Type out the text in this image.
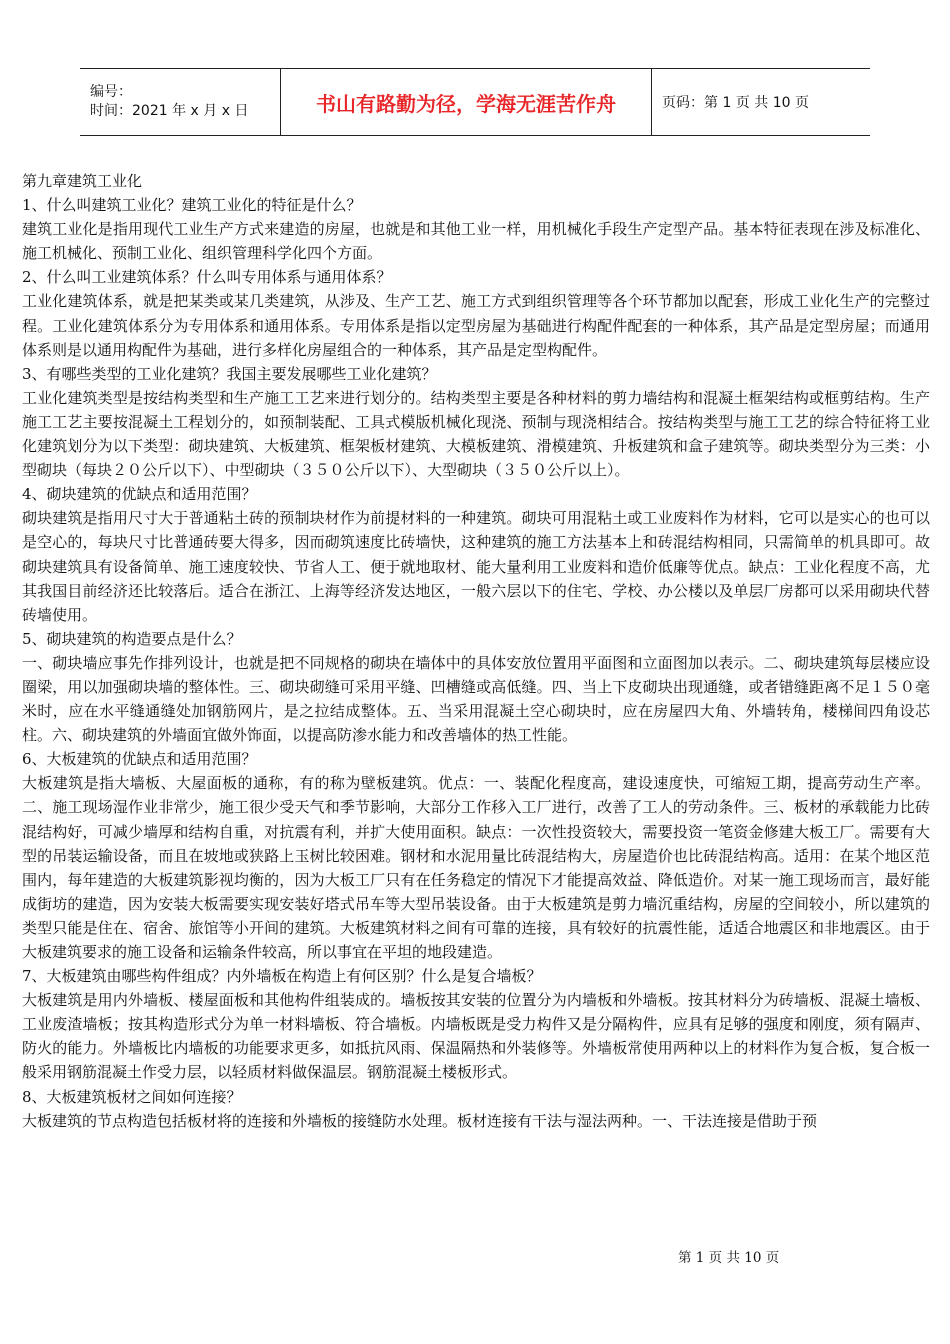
编号：
时间：2021 年 x 月 x 日	书山有路勤为径，学海无涯苦作舟	页码：第 1 页 共 10 页

第九章建筑工业化

1、什么叫建筑工业化？建筑工业化的特征是什么？

建筑工业化是指用现代工业生产方式来建造的房屋，也就是和其他工业一样，用机械化手段生产定型产品。基本特征表现在涉及标准化、施工机械化、预制工业化、组织管理科学化四个方面。

2、什么叫工业建筑体系？什么叫专用体系与通用体系？

工业化建筑体系，就是把某类或某几类建筑，从涉及、生产工艺、施工方式到组织管理等各个环节都加以配套，形成工业化生产的完整过程。工业化建筑体系分为专用体系和通用体系。专用体系是指以定型房屋为基础进行构配件配套的一种体系，其产品是定型房屋；而通用体系则是以通用构配件为基础，进行多样化房屋组合的一种体系，其产品是定型构配件。

3、有哪些类型的工业化建筑？我国主要发展哪些工业化建筑？

工业化建筑类型是按结构类型和生产施工工艺来进行划分的。结构类型主要是各种材料的剪力墙结构和混凝土框架结构或框剪结构。生产施工工艺主要按混凝土工程划分的，如预制装配、工具式模版机械化现浇、预制与现浇相结合。按结构类型与施工工艺的综合特征将工业化建筑划分为以下类型：砌块建筑、大板建筑、框架板材建筑、大模板建筑、滑模建筑、升板建筑和盒子建筑等。砌块类型分为三类：小型砌块（每块２０公斤以下）、中型砌块（３５０公斤以下）、大型砌块（３５０公斤以上）。

4、砌块建筑的优缺点和适用范围？

砌块建筑是指用尺寸大于普通粘土砖的预制块材作为前提材料的一种建筑。砌块可用混粘土或工业废料作为材料，它可以是实心的也可以是空心的，每块尺寸比普通砖要大得多，因而砌筑速度比砖墙快，这种建筑的施工方法基本上和砖混结构相同，只需简单的机具即可。故砌块建筑具有设备简单、施工速度较快、节省人工、便于就地取材、能大量利用工业废料和造价低廉等优点。缺点：工业化程度不高，尤其我国目前经济还比较落后。适合在浙江、上海等经济发达地区，一般六层以下的住宅、学校、办公楼以及单层厂房都可以采用砌块代替砖墙使用。

5、砌块建筑的构造要点是什么？

一、砌块墙应事先作排列设计，也就是把不同规格的砌块在墙体中的具体安放位置用平面图和立面图加以表示。二、砌块建筑每层楼应设圈梁，用以加强砌块墙的整体性。三、砌块砌缝可采用平缝、凹槽缝或高低缝。四、当上下皮砌块出现通缝，或者错缝距离不足１５０毫米时，应在水平缝通缝处加钢筋网片，是之拉结成整体。五、当采用混凝土空心砌块时，应在房屋四大角、外墙转角，楼梯间四角设芯柱。六、砌块建筑的外墙面宜做外饰面，以提高防渗水能力和改善墙体的热工性能。

6、大板建筑的优缺点和适用范围？

大板建筑是指大墙板、大屋面板的通称，有的称为壁板建筑。优点：一、装配化程度高，建设速度快，可缩短工期，提高劳动生产率。二、施工现场湿作业非常少，施工很少受天气和季节影响，大部分工作移入工厂进行，改善了工人的劳动条件。三、板材的承载能力比砖混结构好，可减少墙厚和结构自重，对抗震有利，并扩大使用面积。缺点：一次性投资较大，需要投资一笔资金修建大板工厂。需要有大型的吊装运输设备，而且在坡地或狭路上玉树比较困难。钢材和水泥用量比砖混结构大，房屋造价也比砖混结构高。适用：在某个地区范围内，每年建造的大板建筑影视均衡的，因为大板工厂只有在任务稳定的情况下才能提高效益、降低造价。对某一施工现场而言，最好能成街坊的建造，因为安装大板需要实现安装好塔式吊车等大型吊装设备。由于大板建筑是剪力墙沉重结构，房屋的空间较小，所以建筑的类型只能是住在、宿舍、旅馆等小开间的建筑。大板建筑材料之间有可靠的连接，具有较好的抗震性能，适适合地震区和非地震区。由于大板建筑要求的施工设备和运输条件较高，所以事宜在平坦的地段建造。

7、大板建筑由哪些构件组成？内外墙板在构造上有何区别？什么是复合墙板？

大板建筑是用内外墙板、楼屋面板和其他构件组装成的。墙板按其安装的位置分为内墙板和外墙板。按其材料分为砖墙板、混凝土墙板、工业废渣墙板；按其构造形式分为单一材料墙板、符合墙板。内墙板既是受力构件又是分隔构件，应具有足够的强度和刚度，须有隔声、防火的能力。外墙板比内墙板的功能要求更多，如抵抗风雨、保温隔热和外装修等。外墙板常使用两种以上的材料作为复合板，复合板一般采用钢筋混凝土作受力层，以轻质材料做保温层。钢筋混凝土楼板形式。

8、大板建筑板材之间如何连接？

大板建筑的节点构造包括板材将的连接和外墙板的接缝防水处理。板材连接有干法与湿法两种。一、干法连接是借助于预

第 1 页 共 10 页
